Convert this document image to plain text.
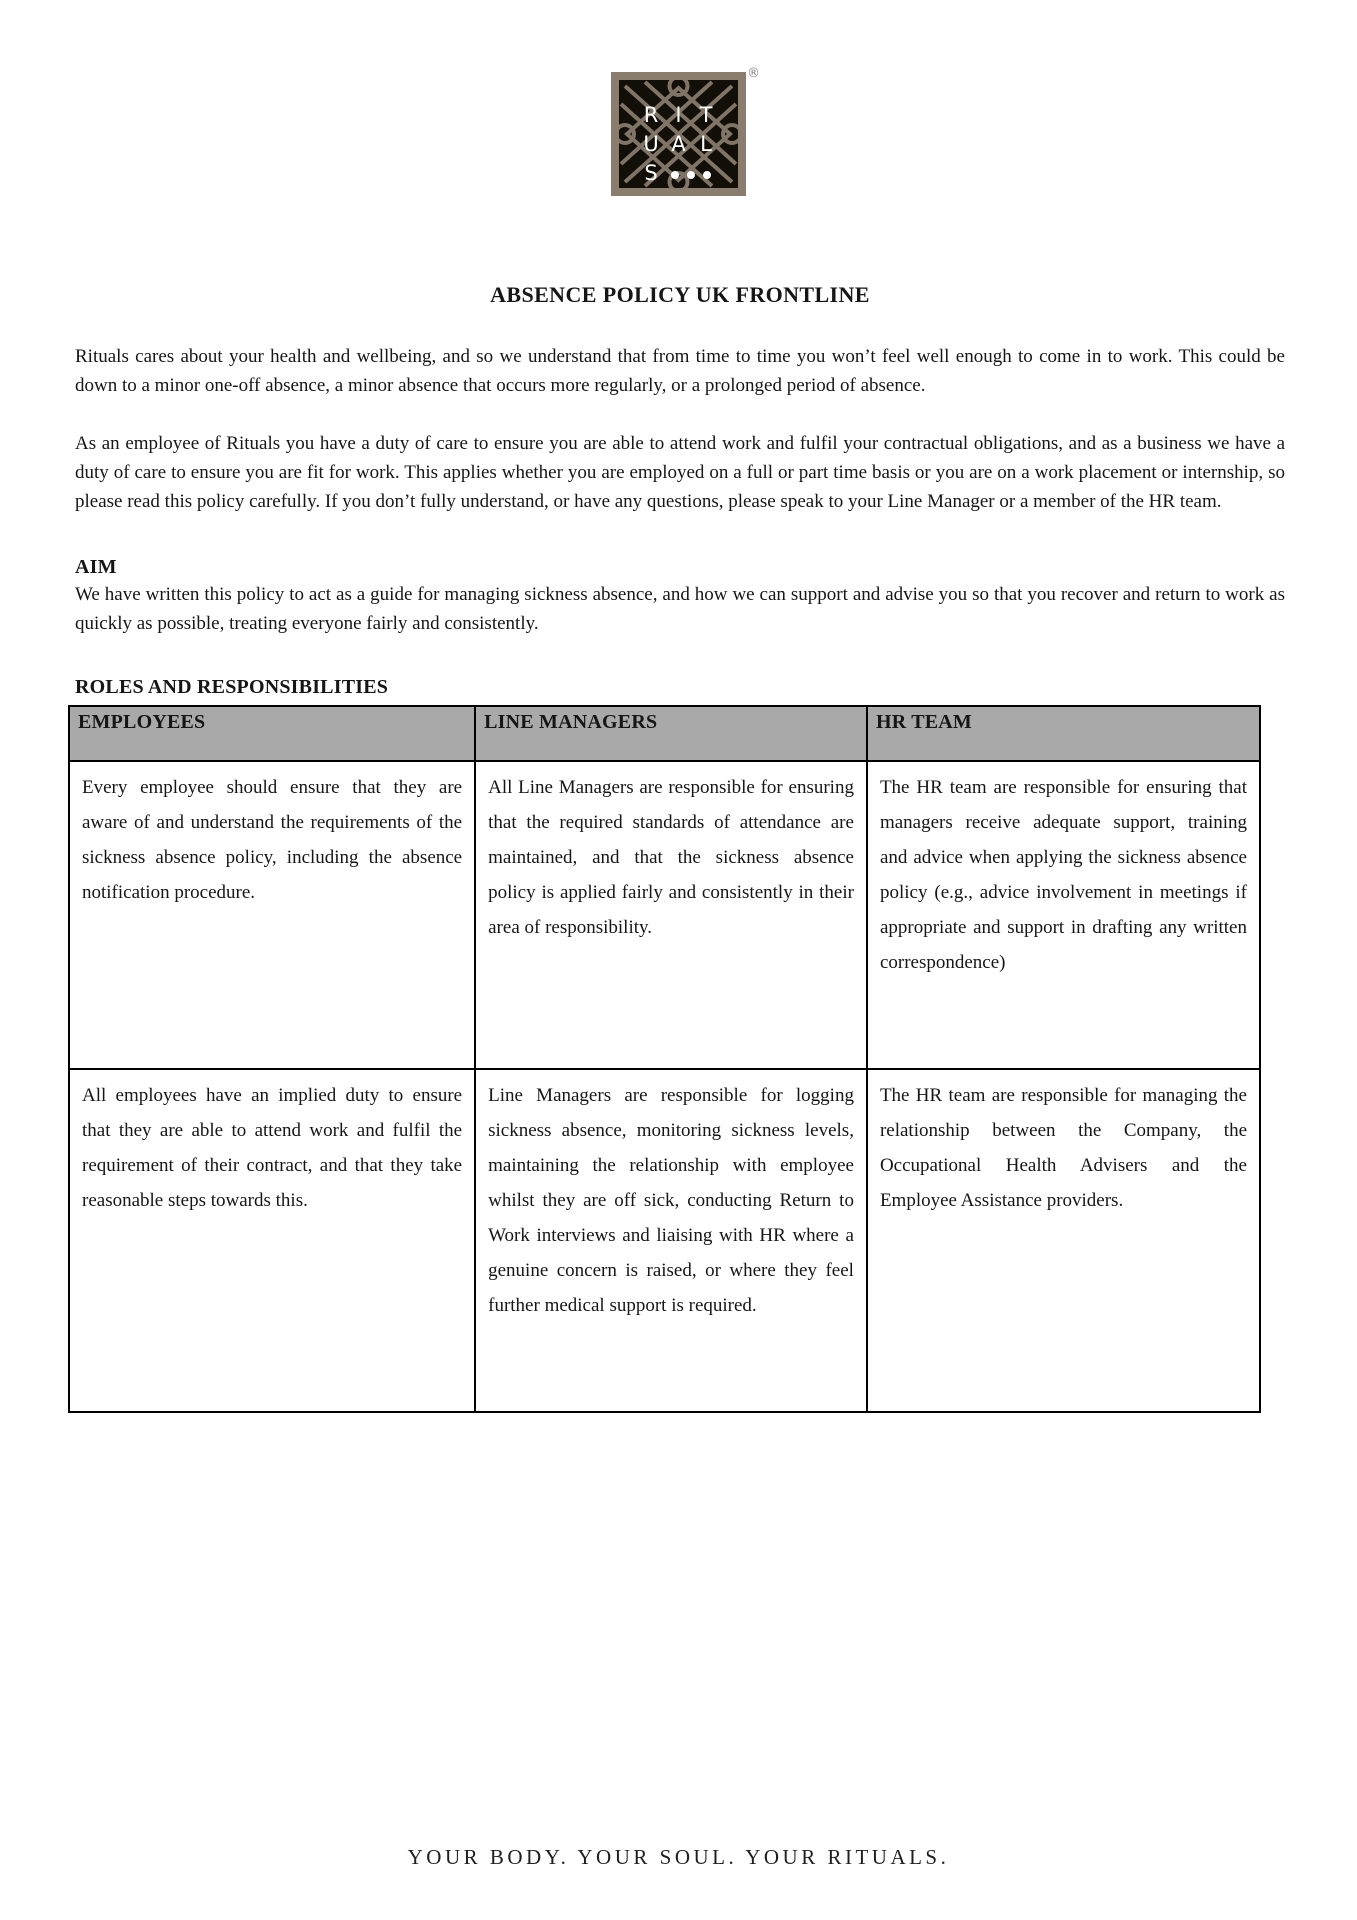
R I T
U A L
S
®
ABSENCE POLICY UK FRONTLINE

Rituals cares about your health and wellbeing, and so we understand that from time to time you won’t feel well enough to come in to work. This could be down to a minor one-off absence, a minor absence that occurs more regularly, or a prolonged period of absence.

As an employee of Rituals you have a duty of care to ensure you are able to attend work and fulfil your contractual obligations, and as a business we have a duty of care to ensure you are fit for work. This applies whether you are employed on a full or part time basis or you are on a work placement or internship, so please read this policy carefully. If you don’t fully understand, or have any questions, please speak to your Line Manager or a member of the HR team.

AIM

We have written this policy to act as a guide for managing sickness absence, and how we can support and advise you so that you recover and return to work as quickly as possible, treating everyone fairly and consistently.

ROLES AND RESPONSIBILITIES
EMPLOYEES	LINE MANAGERS	HR TEAM
Every employee should ensure that they are aware of and understand the requirements of the sickness absence policy, including the absence notification procedure.	All Line Managers are responsible for ensuring that the required standards of attendance are maintained, and that the sickness absence policy is applied fairly and consistently in their area of responsibility.	The HR team are responsible for ensuring that managers receive adequate support, training and advice when applying the sickness absence policy (e.g., advice involvement in meetings if appropriate and support in drafting any written correspondence)
All employees have an implied duty to ensure that they are able to attend work and fulfil the requirement of their contract, and that they take reasonable steps towards this.	Line Managers are responsible for logging sickness absence, monitoring sickness levels, maintaining the relationship with employee whilst they are off sick, conducting Return to Work interviews and liaising with HR where a genuine concern is raised, or where they feel further medical support is required.	The HR team are responsible for managing the relationship between the Company, the Occupational Health Advisers and the Employee Assistance providers.
YOUR BODY. YOUR SOUL. YOUR RITUALS.
